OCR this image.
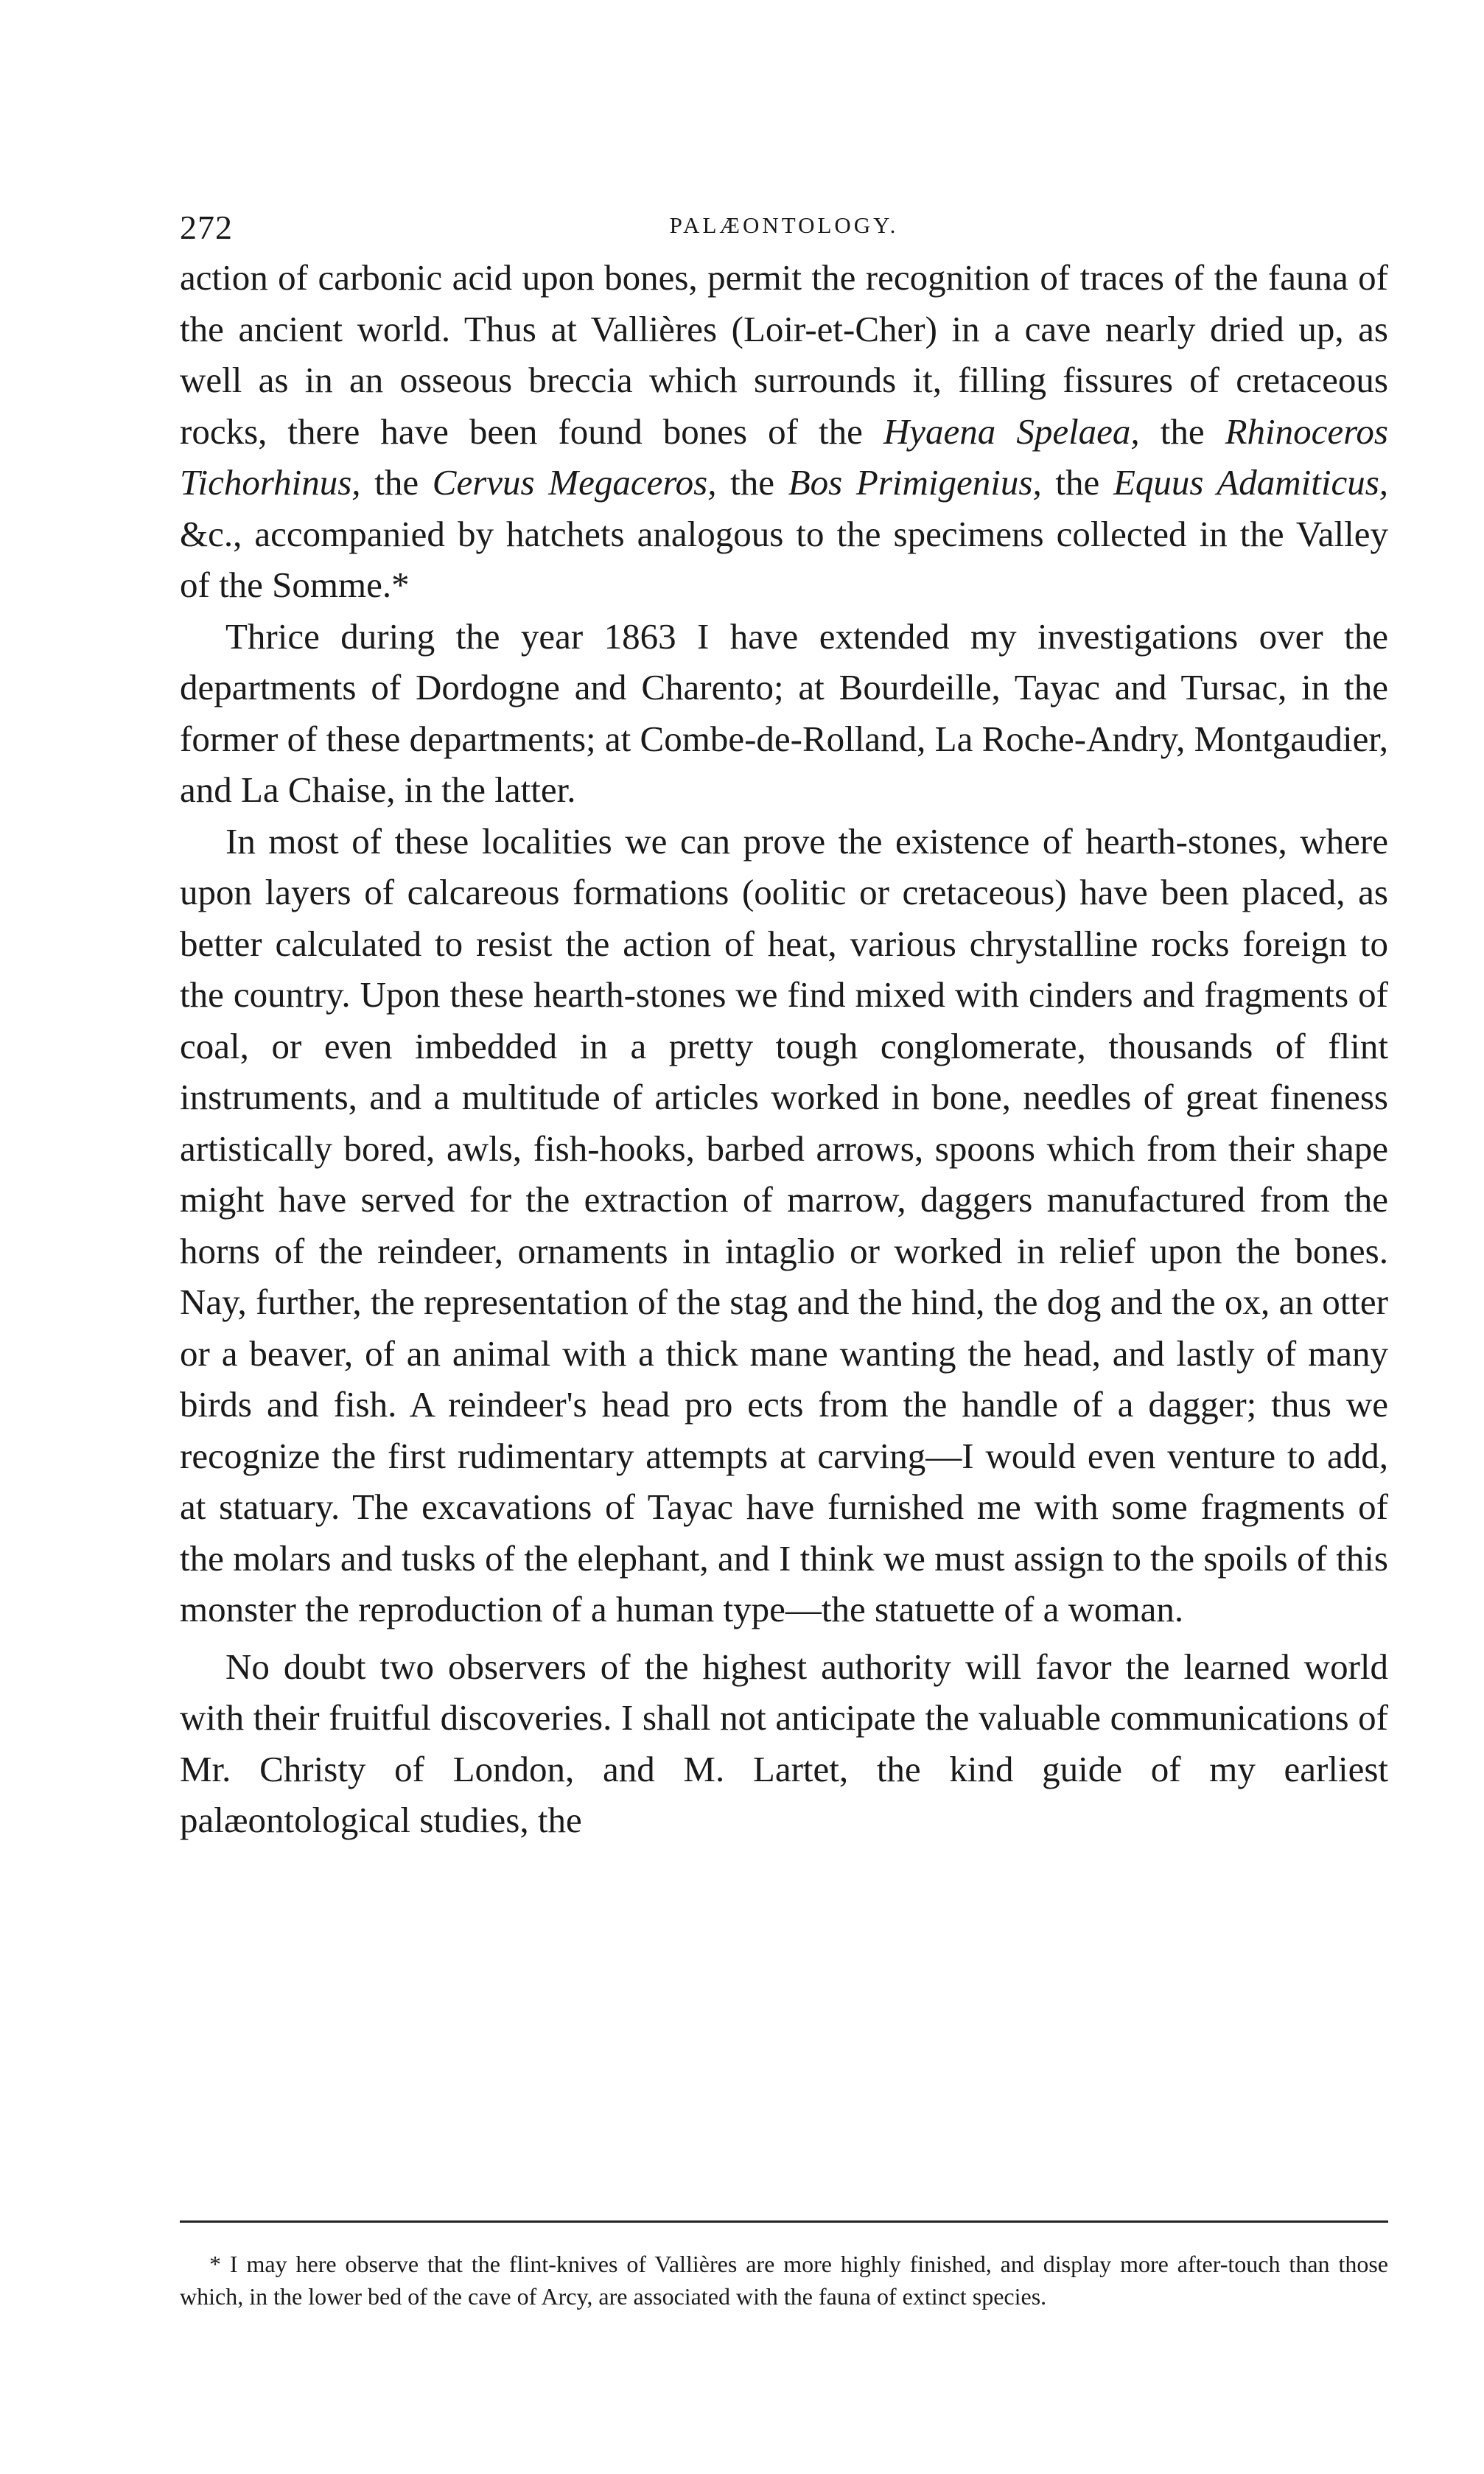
272	PALÆONTOLOGY.

action of carbonic acid upon bones, permit the recognition of traces of the fauna of the ancient world. Thus at Vallières (Loir-et-Cher) in a cave nearly dried up, as well as in an osseous breccia which surrounds it, filling fissures of cretaceous rocks, there have been found bones of the Hyaena Spelaea, the Rhinoceros Tichorhinus, the Cervus Megaceros, the Bos Primigenius, the Equus Adamiticus, &c., accompanied by hatchets analogous to the specimens collected in the Valley of the Somme.*

Thrice during the year 1863 I have extended my investigations over the departments of Dordogne and Charento; at Bourdeille, Tayac and Tursac, in the former of these departments; at Combe-de-Rolland, La Roche-Andry, Montgaudier, and La Chaise, in the latter.

In most of these localities we can prove the existence of hearth-stones, where upon layers of calcareous formations (oolitic or cretaceous) have been placed, as better calculated to resist the action of heat, various chrystalline rocks foreign to the country. Upon these hearth-stones we find mixed with cinders and fragments of coal, or even imbedded in a pretty tough conglomerate, thousands of flint instruments, and a multitude of articles worked in bone, needles of great fineness artistically bored, awls, fish-hooks, barbed arrows, spoons which from their shape might have served for the extraction of marrow, daggers manufactured from the horns of the reindeer, ornaments in intaglio or worked in relief upon the bones. Nay, further, the representation of the stag and the hind, the dog and the ox, an otter or a beaver, of an animal with a thick mane wanting the head, and lastly of many birds and fish. A reindeer's head pro ects from the handle of a dagger; thus we recognize the first rudimentary attempts at carving—I would even venture to add, at statuary. The excavations of Tayac have furnished me with some fragments of the molars and tusks of the elephant, and I think we must assign to the spoils of this monster the reproduction of a human type—the statuette of a woman.

No doubt two observers of the highest authority will favor the learned world with their fruitful discoveries. I shall not anticipate the valuable communications of Mr. Christy of London, and M. Lartet, the kind guide of my earliest palæontological studies, the

* I may here observe that the flint-knives of Vallières are more highly finished, and display more after-touch than those which, in the lower bed of the cave of Arcy, are associated with the fauna of extinct species.
